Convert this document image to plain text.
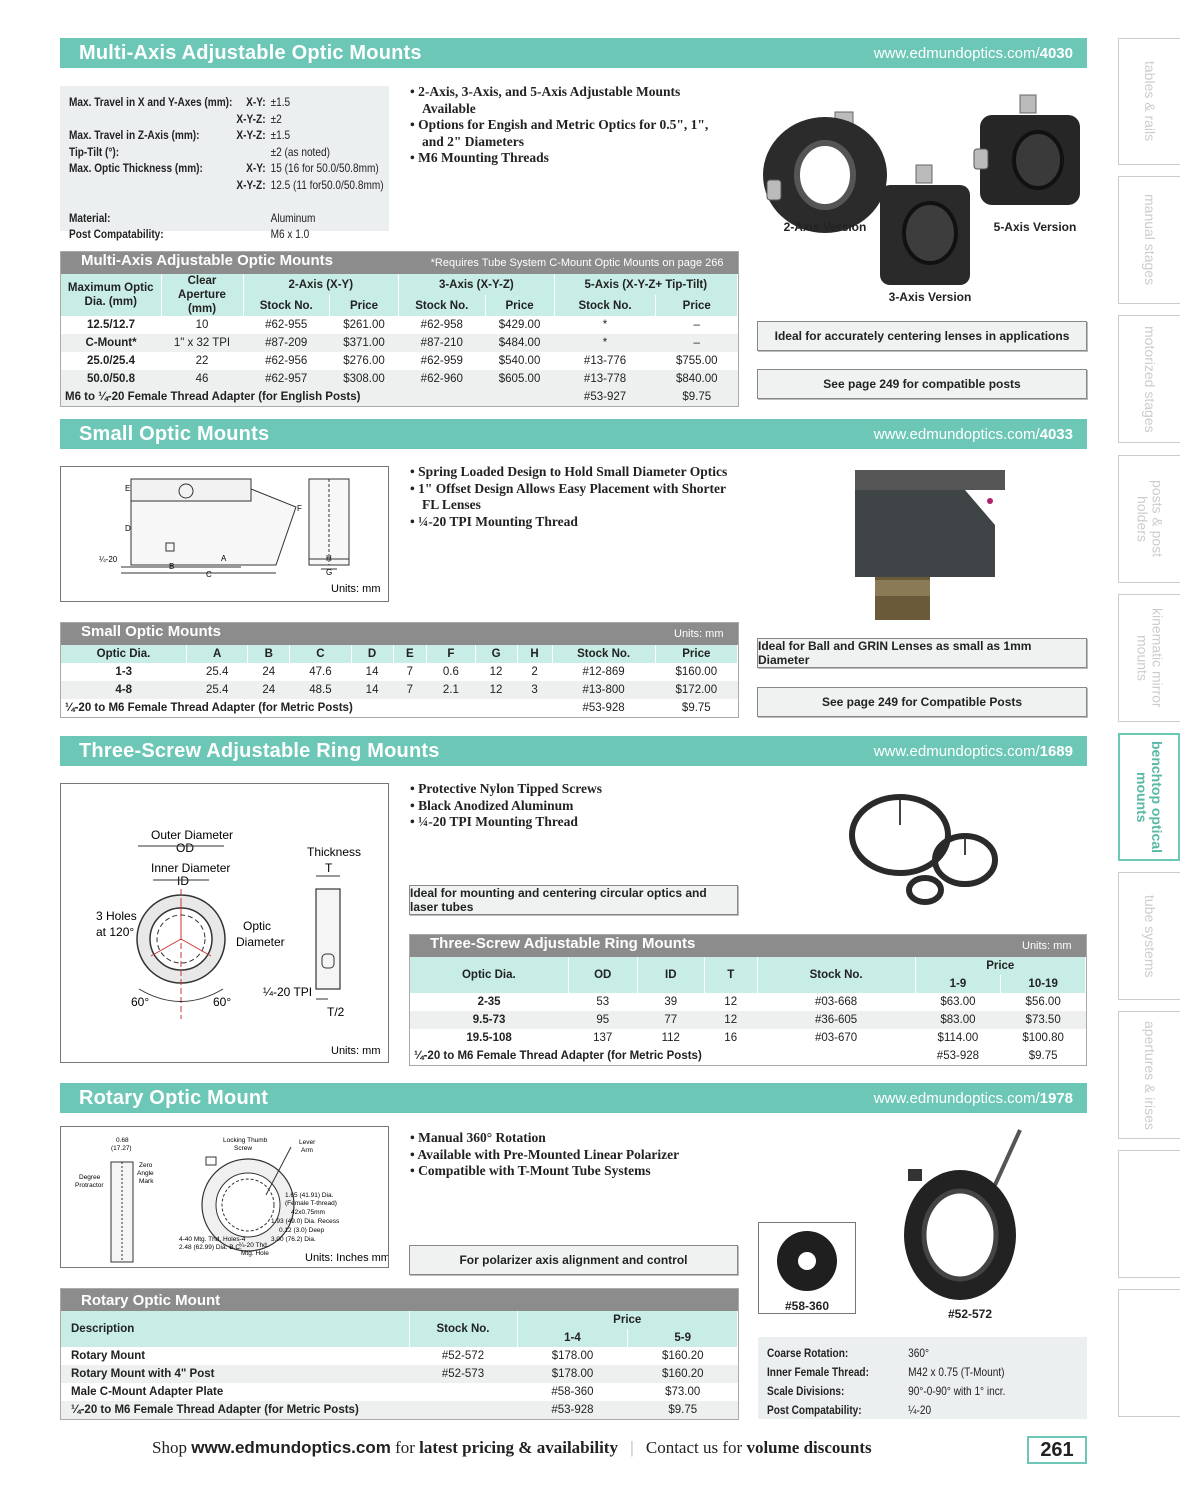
tables & rails
manual stages
motorized stages
posts & post holders
kinematic mirror mounts
benchtop optical mounts
tube systems
apertures & irises
Multi-Axis Adjustable Optic Mounts	www.edmundoptics.com/4030
Max. Travel in X and Y-Axes (mm):	X-Y: ±1.5
X-Y-Z: ±2
Max. Travel in Z-Axis (mm):	X-Y-Z: ±1.5
Tip-Tilt (°):	±2 (as noted)
Max. Optic Thickness (mm):	X-Y: 15 (16 for 50.0/50.8mm)
X-Y-Z: 12.5 (11 for50.0/50.8mm)
Material:	Aluminum
Post Compatability:	M6 x 1.0
• 2-Axis, 3-Axis, and 5-Axis Adjustable Mounts Available
• Options for Engish and Metric Optics for 0.5", 1", and 2" Diameters
• M6 Mounting Threads
2-Axis Version	5-Axis Version
3-Axis Version
Ideal for accurately centering lenses in applications
See page 249 for compatible posts
Multi-Axis Adjustable Optic Mounts *Requires Tube System C-Mount Optic Mounts on page 266							

Maximum Optic Dia. (mm)	Clear Aperture (mm)	2-Axis (X-Y)		3-Axis (X-Y-Z)		5-Axis (X-Y-Z+ Tip-Tilt)	
		Stock No.	Price	Stock No.	Price	Stock No.	Price
12.5/12.7	10	#62-955	$261.00	#62-958	$429.00	*	–
C-Mount*	1" x 32 TPI	#87-209	$371.00	#87-210	$484.00	*	–
25.0/25.4	22	#62-956	$276.00	#62-959	$540.00	#13-776	$755.00
50.0/50.8	46	#62-957	$308.00	#62-960	$605.00	#13-778	$840.00
M6 to ¼-20 Female Thread Adapter (for English Posts)						#53-927	$9.75
Small Optic Mounts	www.edmundoptics.com/4033
A
B
C
D
E
F
G
H
¼-20
Units: mm
• Spring Loaded Design to Hold Small Diameter Optics
• 1" Offset Design Allows Easy Placement with Shorter FL Lenses
• ¼-20 TPI Mounting Thread
Ideal for Ball and GRIN Lenses as small as 1mm Diameter
See page 249 for Compatible Posts
Small Optic Mounts Units: mm										

Optic Dia.	A	B	C	D	E	F	G	H	Stock No.	Price
1-3	25.4	24	47.6	14	7	0.6	12	2	#12-869	$160.00
4-8	25.4	24	48.5	14	7	2.1	12	3	#13-800	$172.00
¼-20 to M6 Female Thread Adapter (for Metric Posts)									#53-928	$9.75
Three-Screw Adjustable Ring Mounts	www.edmundoptics.com/1689
Outer Diameter
OD
Inner Diameter
ID
3 Holes
at 120°	Optic
Diameter
60°	60°
Thickness
T
¼-20 TPI
T/2
Units: mm
• Protective Nylon Tipped Screws
• Black Anodized Aluminum
• ¼-20 TPI Mounting Thread
Ideal for mounting and centering circular optics and laser tubes
Three-Screw Adjustable Ring Mounts Units: mm						

Optic Dia.	OD	ID	T	Stock No.	Price	
					1-9	10-19
2-35	53	39	12	#03-668	$63.00	$56.00
9.5-73	95	77	12	#36-605	$83.00	$73.50
19.5-108	137	112	16	#03-670	$114.00	$100.80
¼-20 to M6 Female Thread Adapter (for Metric Posts)					#53-928	$9.75
Rotary Optic Mount	www.edmundoptics.com/1978
0.68
(17.27)
Zero
Angle
Mark
Degree
Protractor
Locking Thumb
Screw
Lever
Arm
1.65 (41.91) Dia.
(Female T-thread)
42x0.75mm
1.93 (49.0) Dia. Recess
0.12 (3.0) Deep
3.00 (76.2) Dia.
4-40 Mtg. Thd. Holes-4
2.48 (62.99) Dia. B.C.
¼-20 Thd.
Mtg. Hole	Units: Inches mm
• Manual 360° Rotation
• Available with Pre-Mounted Linear Polarizer
• Compatible with T-Mount Tube Systems
For polarizer axis alignment and control
#58-360
#52-572
Coarse Rotation:	360°
Inner Female Thread:	M42 x 0.75 (T-Mount)
Scale Divisions:	90°-0-90° with 1° incr.
Post Compatability:	¼-20
Rotary Optic Mount			
Description	Stock No.	Price	
		1-4	5-9
Rotary Mount	#52-572	$178.00	$160.20
Rotary Mount with 4" Post	#52-573	$178.00	$160.20
Male C-Mount Adapter Plate		#58-360	$73.00
¼-20 to M6 Female Thread Adapter (for Metric Posts)		#53-928	$9.75
Shop www.edmundoptics.com for latest pricing & availability | Contact us for volume discounts	261
